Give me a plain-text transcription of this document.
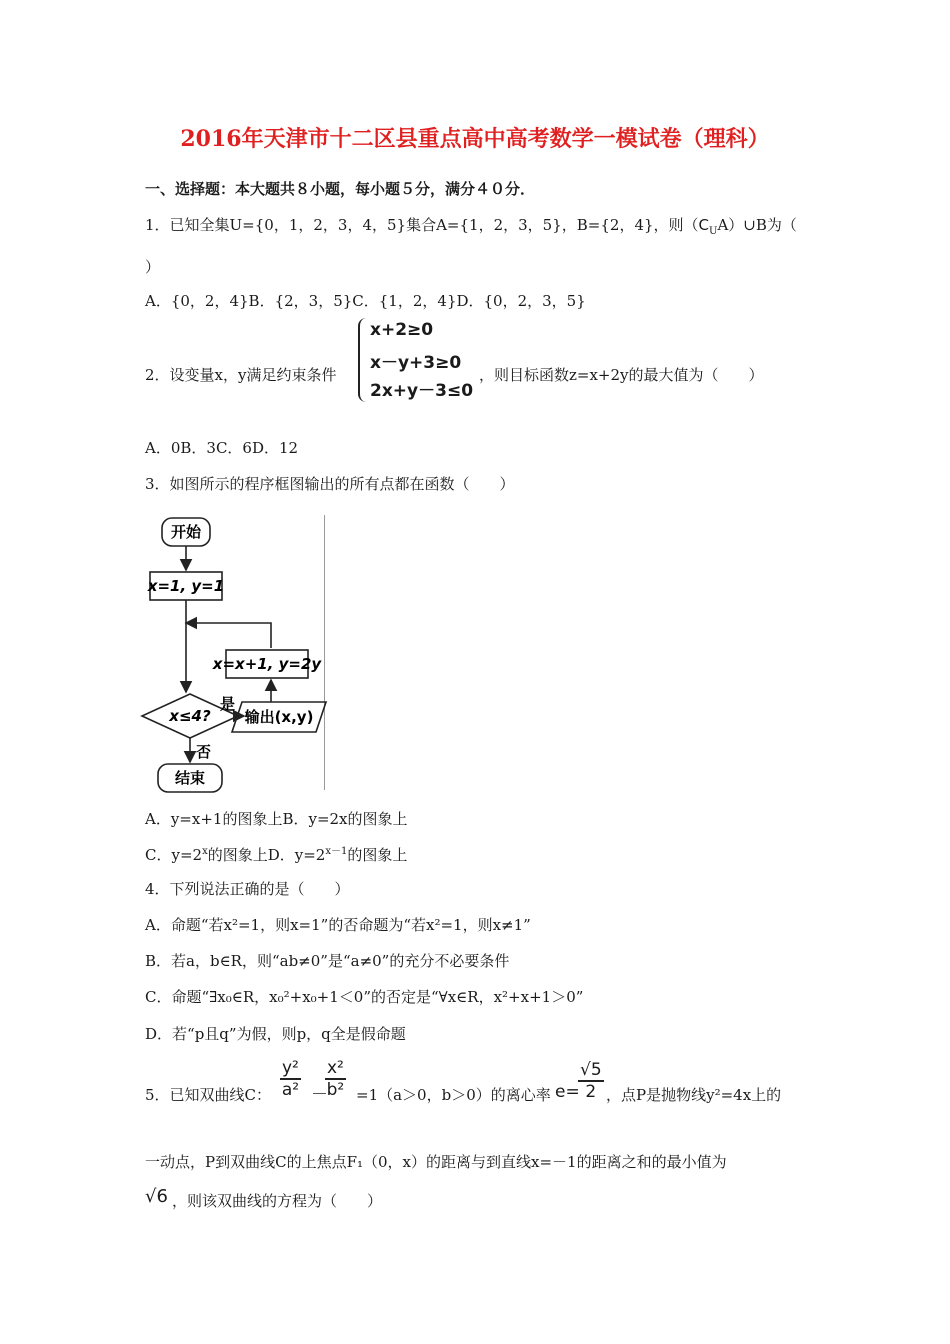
2016年天津市十二区县重点高中高考数学一模试卷（理科）
一、选择题：本大题共８小题，每小题５分，满分４０分．
1．已知全集U={0，1，2，3，4，5}集合A={1，2，3，5}，B={2，4}，则$(C_UA)\cup B$为（
）
A．{0，2，4}B．{2，3，5}C．{1，2，4}D．{0，2，3，5}
2．设变量x，y满足约束条件
x+2≥0
x－y+3≥0
2x+y－3≤0
，则目标函数z=x+2y的最大值为（　　）
A．0B．3C．6D．12
3．如图所示的程序框图输出的所有点都在函数（　　）
开始
x=1, y=1
x=x+1, y=2y
x≤4?
是
输出(x,y)
否
结束
A．y=x+1的图象上B．y=2x的图象上
C．$y=2^x$的图象上D．$y=2^{x-1}$的图象上
4．下列说法正确的是（　　）
A．命题“若x²=1，则x=1”的否命题为“若x²=1，则x≠1”
B．若a，b∈R，则“ab≠0”是“a≠0”的充分不必要条件
C．命题“∃x₀∈R，x₀²+x₀+1＜0”的否定是“∀x∈R，x²+x+1＞0”
D．若“p且q”为假，则p，q全是假命题
5．已知双曲线C： $\frac{\text{y²}}{\text{a²}}$ －
$\frac{\text{x²}}{\text{b²}} =1(a>0$，b＞0）的离心率 e=
$\frac{√5}{2}$ ，点P是抛物线y²=4x上的
一动点，P到双曲线C的上焦点F₁（0，x）的距离与到直线x=－1的距离之和的最小值为
√6 ，则该双曲线的方程为（　　）
